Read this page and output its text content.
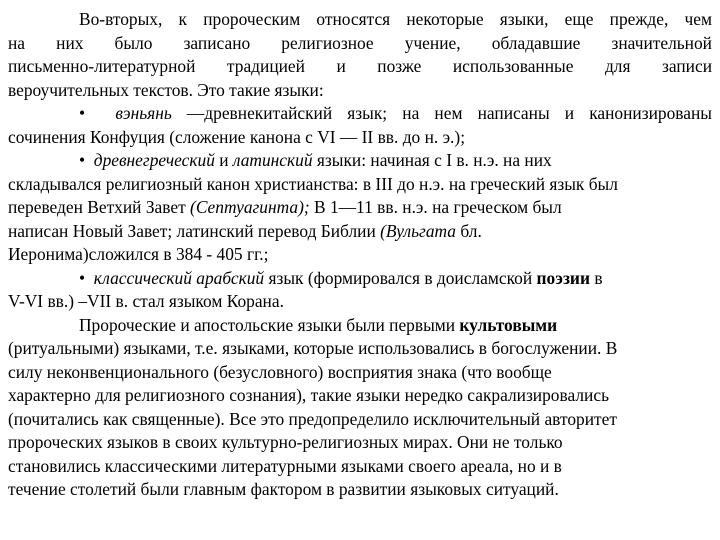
Во-вторых, к пророческим относятся некоторые языки, еще прежде, чем
на них было записано религиозное учение, обладавшие значительной
письменно-литературной традицией и позже использованные для записи
вероучительных текстов. Это такие языки:
• вэньянь —древнекитайский язык; на нем написаны и канонизированы
сочинения Конфуция (сложение канона с VI — II вв. до н. э.);
• древнегреческий и латинский языки: начиная с I в. н.э. на них
складывался религиозный канон христианства: в III до н.э. на греческий язык был
переведен Ветхий Завет (Септуагинта); В 1—11 вв. н.э. на греческом был
написан Новый Завет; латинский перевод Библии (Вульгата бл.
Иеронима)сложился в 384 - 405 гг.;
• классический арабский язык (формировался в доисламской поэзии в
V-VI вв.) –VII в. стал языком Корана.
Пророческие и апостольские языки были первыми культовыми
(ритуальными) языками, т.е. языками, которые использовались в богослужении. В
силу неконвенционального (безусловного) восприятия знака (что вообще
характерно для религиозного сознания), такие языки нередко сакрализировались
(почитались как священные). Все это предопределило исключительный авторитет
пророческих языков в своих культурно-религиозных мирах. Они не только
становились классическими литературными языками своего ареала, но и в
течение столетий были главным фактором в развитии языковых ситуаций.
